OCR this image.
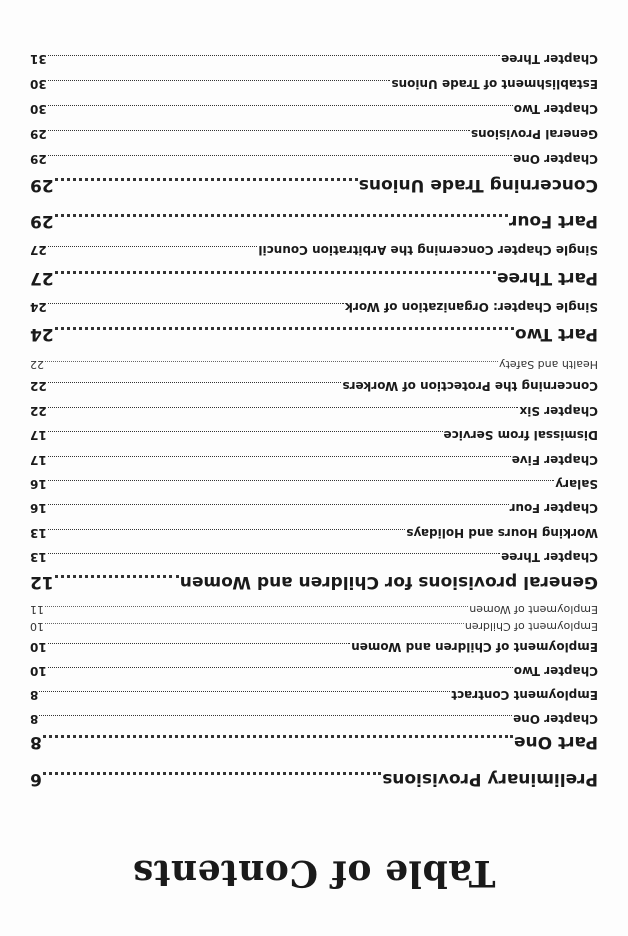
Table of Contents
Preliminary Provisions
6
Part One
8
Chapter One
8
Employment Contract
8
Chapter Two
10
Employment of Children and Women
10
Employment of Children
10
Employment of Women
11
General provisions for Children and Women
12
Chapter Three
13
Working Hours and Holidays
13
Chapter Four
16
Salary
16
Chapter Five
17
Dismissal from Service
17
Chapter Six
22
Concerning the Protection of Workers
22
Health and Safety
22
Part Two
24
Single Chapter: Organization of Work
24
Part Three
27
Single Chapter Concerning the Arbitration Council
27
Part Four
29
Concerning Trade Unions
29
Chapter One
29
General Provisions
29
Chapter Two
30
Establishment of Trade Unions
30
Chapter Three
31
